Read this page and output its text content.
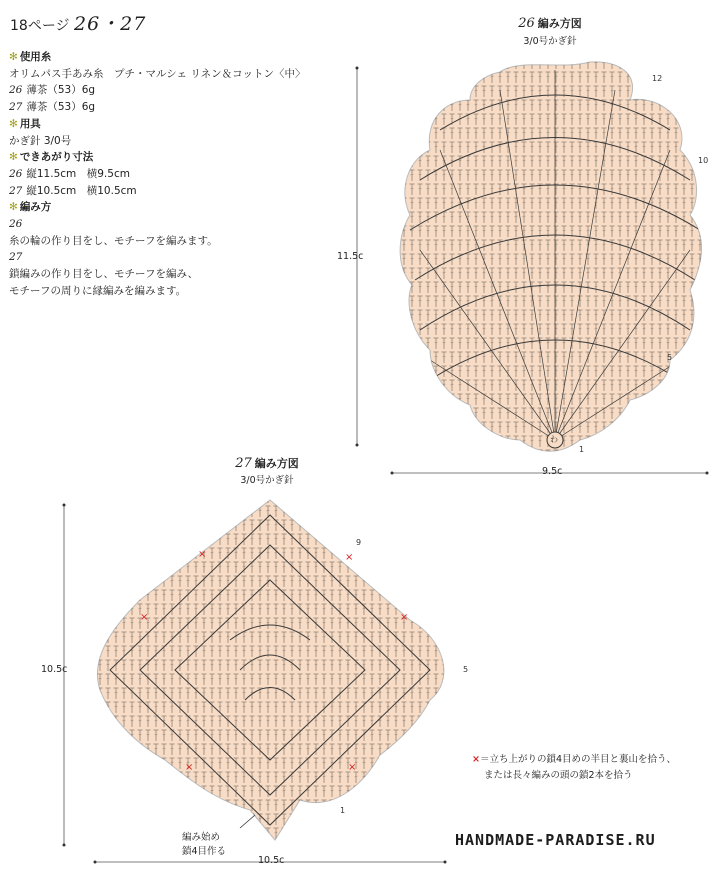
18ページ 26・27
✻ 使用糸
オリムパス手あみ糸　プチ・マルシェ リネン＆コットン〈中〉
26 薄茶（53）6g
27 薄茶（53）6g
✻ 用具
かぎ針 3/0号
✻ できあがり寸法
26 縦11.5cm　横9.5cm
27 縦10.5cm　横10.5cm
✻ 編み方
26
糸の輪の作り目をし、モチーフを編みます。
27
鎖編みの作り目をし、モチーフを編み、
モチーフの周りに縁編みを編みます。
26 編み方図
3/0号かぎ針
27 編み方図
3/0号かぎ針
×	×
×	×
×
×
11.5c
9.5c
12
10
5
1
わ
10.5c
10.5c
9
5
1
編み始め
鎖4目作る
×＝立ち上がりの鎖4目めの半目と裏山を拾う、
または長々編みの頭の鎖2本を拾う
HANDMADE-PARADISE.RU
